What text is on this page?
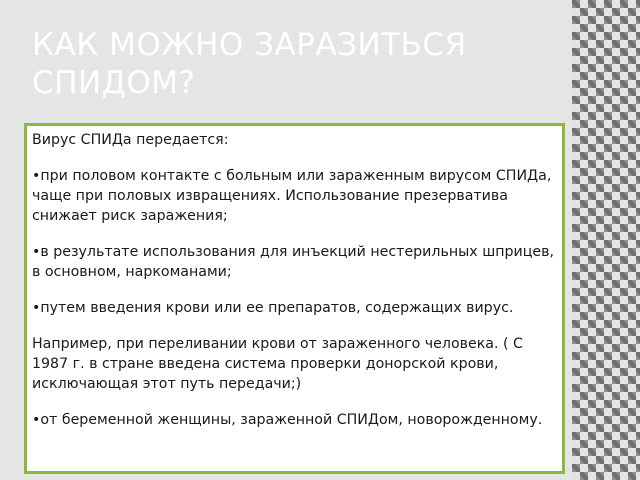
КАК МОЖНО ЗАРАЗИТЬСЯ СПИДОМ?

Вирус СПИДа передается:

•при половом контакте с больным или зараженным вирусом СПИДа, чаще при половых извращениях. Использование презерватива снижает риск заражения;

•в результате использования для инъекций нестерильных шприцев, в основном, наркоманами;

•путем введения крови или ее препаратов, содержащих вирус.

Например, при переливании крови от зараженного человека. ( С 1987 г. в стране введена система проверки донорской крови, исключающая этот путь передачи;)

•от беременной женщины, зараженной СПИДом, новорожденному.
